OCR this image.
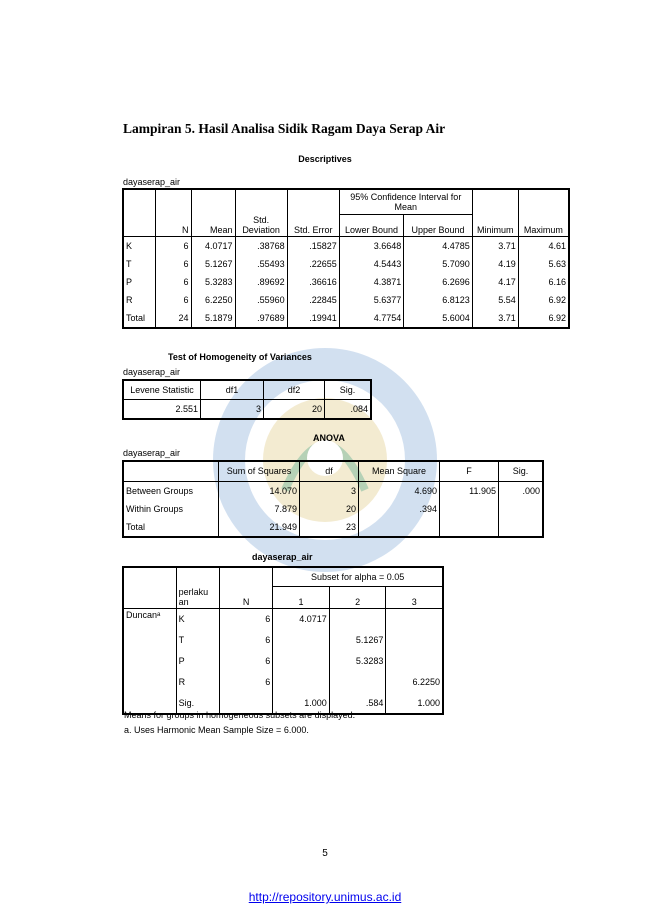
Lampiran 5. Hasil Analisa Sidik Ragam Daya Serap Air
Descriptives
dayaserap_air
	N	Mean	Std. Deviation	Std. Error	95% Confidence Interval for Mean		Minimum	Maximum
					Lower Bound	Upper Bound		
K	6	4.0717	.38768	.15827	3.6648	4.4785	3.71	4.61
T	6	5.1267	.55493	.22655	4.5443	5.7090	4.19	5.63
P	6	5.3283	.89692	.36616	4.3871	6.2696	4.17	6.16
R	6	6.2250	.55960	.22845	5.6377	6.8123	5.54	6.92
Total	24	5.1879	.97689	.19941	4.7754	5.6004	3.71	6.92
Test of Homogeneity of Variances
dayaserap_air
Levene Statistic	df1	df2	Sig.
2.551	3	20	.084
ANOVA
dayaserap_air
	Sum of Squares	df	Mean Square	F	Sig.
Between Groups	14.070	3	4.690	11.905	.000
Within Groups	7.879	20	.394		
Total	21.949	23			
dayaserap_air
	perlaku an	N	Subset for alpha = 0.05		
			1	2	3
Duncanᵃ	K	6	4.0717		
	T	6		5.1267	
	P	6		5.3283	
	R	6			6.2250
	Sig.		1.000	.584	1.000
Means for groups in homogeneous subsets are displayed.
a. Uses Harmonic Mean Sample Size = 6.000.
5
http://repository.unimus.ac.id
